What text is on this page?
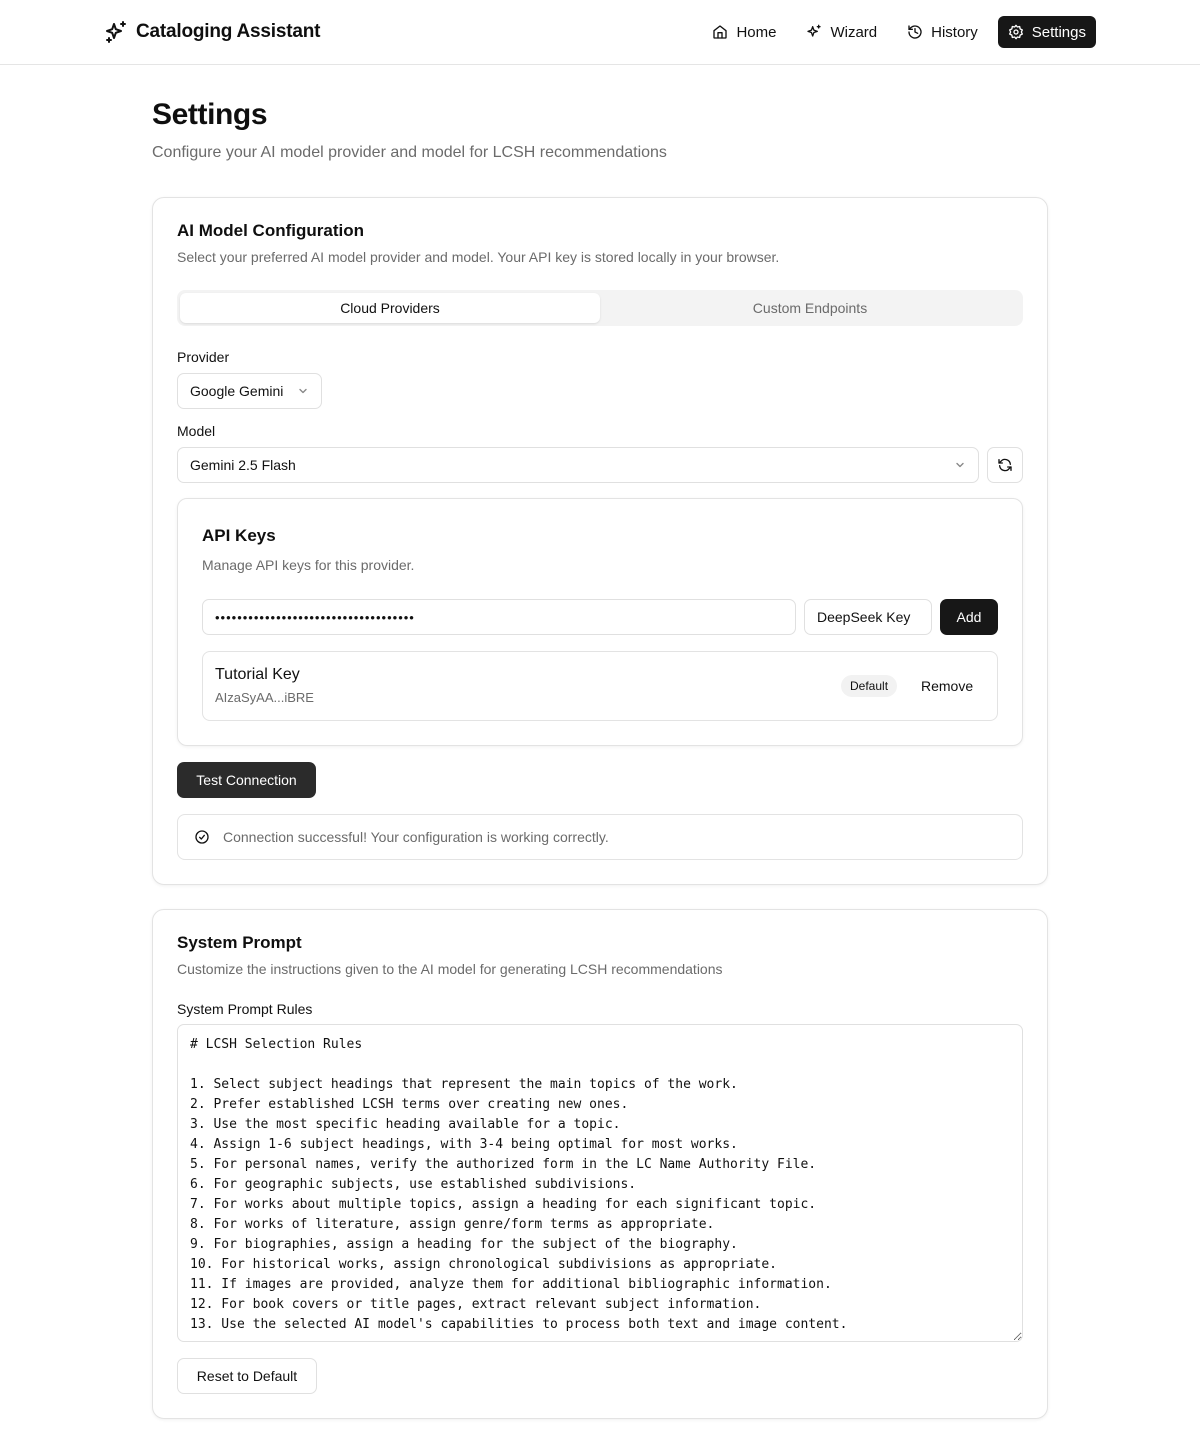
Cataloging Assistant	Home	Wizard	History	Settings
Settings

Configure your AI model provider and model for LCSH recommendations

AI Model Configuration
Select your preferred AI model provider and model. Your API key is stored locally in your browser.
Cloud Providers	Custom Endpoints
Provider
Google Gemini
Model
Gemini 2.5 Flash
API Keys
Manage API keys for this provider.
••••••••••••••••••••••••••••••••••••	DeepSeek Key	Add
Tutorial Key
AIzaSyAA...iBRE
Default	Remove
Test Connection
Connection successful! Your configuration is working correctly.
System Prompt
Customize the instructions given to the AI model for generating LCSH recommendations
System Prompt Rules
# LCSH Selection Rules

1. Select subject headings that represent the main topics of the work.
2. Prefer established LCSH terms over creating new ones.
3. Use the most specific heading available for a topic.
4. Assign 1-6 subject headings, with 3-4 being optimal for most works.
5. For personal names, verify the authorized form in the LC Name Authority File.
6. For geographic subjects, use established subdivisions.
7. For works about multiple topics, assign a heading for each significant topic.
8. For works of literature, assign genre/form terms as appropriate.
9. For biographies, assign a heading for the subject of the biography.
10. For historical works, assign chronological subdivisions as appropriate.
11. If images are provided, analyze them for additional bibliographic information.
12. For book covers or title pages, extract relevant subject information.
13. Use the selected AI model's capabilities to process both text and image content.
Reset to Default
